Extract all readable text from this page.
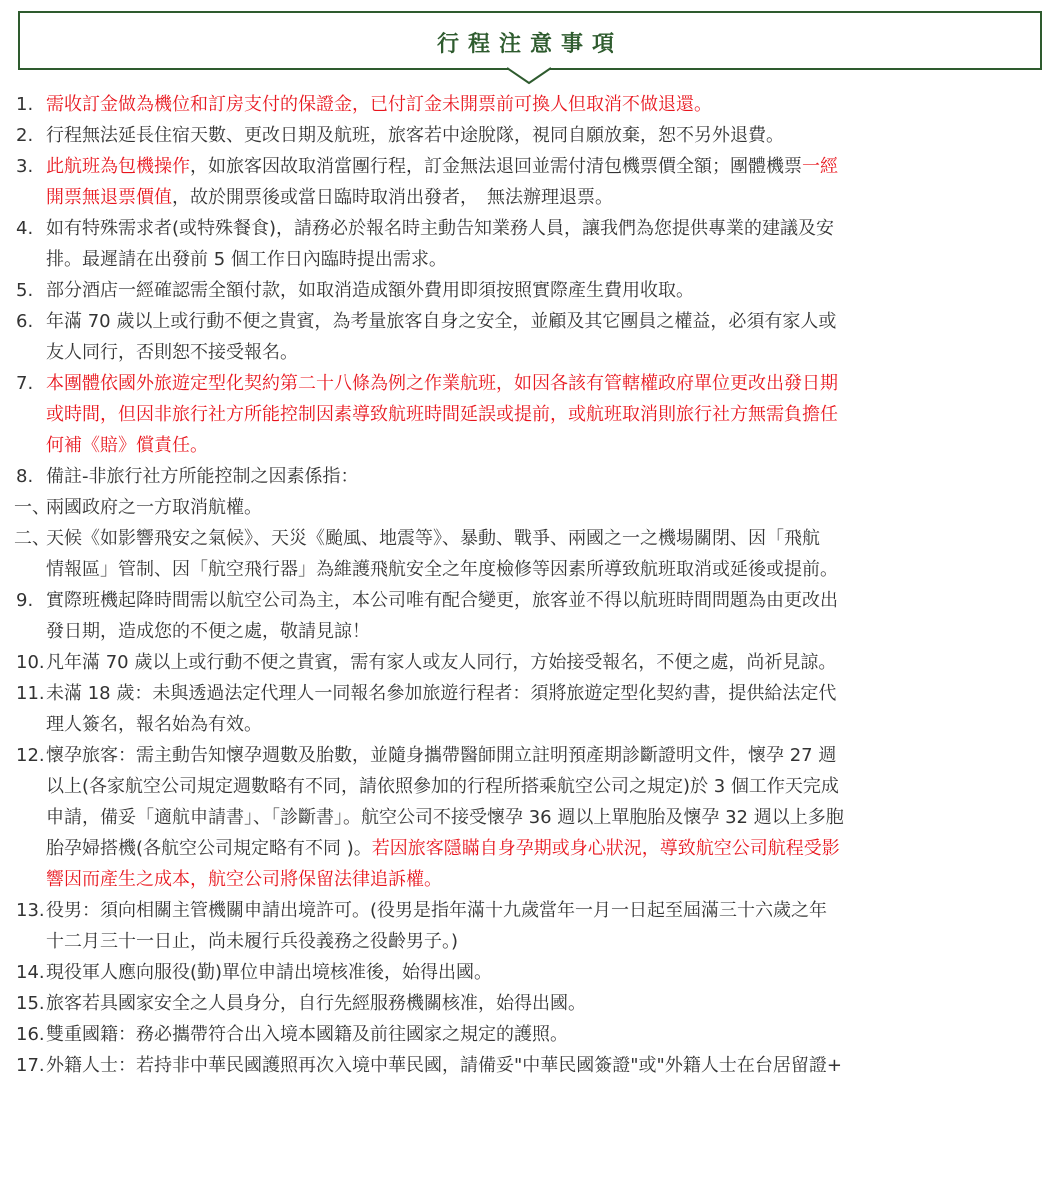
行程注意事項
1. 需收訂金做為機位和訂房支付的保證金，已付訂金未開票前可換人但取消不做退還。
2. 行程無法延長住宿天數、更改日期及航班，旅客若中途脫隊，視同自願放棄，恕不另外退費。
3. 此航班為包機操作，如旅客因故取消當團行程，訂金無法退回並需付清包機票價全額；團體機票一經
開票無退票價值，故於開票後或當日臨時取消出發者，　無法辦理退票。
4. 如有特殊需求者(或特殊餐食)，請務必於報名時主動告知業務人員，讓我們為您提供專業的建議及安
排。最遲請在出發前 5 個工作日內臨時提出需求。
5. 部分酒店一經確認需全額付款，如取消造成額外費用即須按照實際產生費用收取。
6. 年滿 70 歲以上或行動不便之貴賓，為考量旅客自身之安全，並顧及其它團員之權益，必須有家人或
友人同行，否則恕不接受報名。
7. 本團體依國外旅遊定型化契約第二十八條為例之作業航班，如因各該有管轄權政府單位更改出發日期
或時間，但因非旅行社方所能控制因素導致航班時間延誤或提前，或航班取消則旅行社方無需負擔任
何補《賠》償責任。
8. 備註-非旅行社方所能控制之因素係指：
一、
兩國政府之一方取消航權。
二、
天候《如影響飛安之氣候》、天災《颱風、地震等》、暴動、戰爭、兩國之一之機場關閉、因「飛航
情報區」管制、因「航空飛行器」為維護飛航安全之年度檢修等因素所導致航班取消或延後或提前。
9. 實際班機起降時間需以航空公司為主，本公司唯有配合變更，旅客並不得以航班時間問題為由更改出
發日期，造成您的不便之處，敬請見諒！
10. 凡年滿 70 歲以上或行動不便之貴賓，需有家人或友人同行，方始接受報名，不便之處，尚祈見諒。
11. 未滿 18 歲：未與透過法定代理人一同報名參加旅遊行程者：須將旅遊定型化契約書，提供給法定代
理人簽名，報名始為有效。
12. 懷孕旅客：需主動告知懷孕週數及胎數，並隨身攜帶醫師開立註明預產期診斷證明文件，懷孕 27 週
以上(各家航空公司規定週數略有不同，請依照參加的行程所搭乘航空公司之規定)於 3 個工作天完成
申請，備妥「適航申請書」、「診斷書」。航空公司不接受懷孕 36 週以上單胞胎及懷孕 32 週以上多胞
胎孕婦搭機(各航空公司規定略有不同 )。若因旅客隱瞞自身孕期或身心狀況，導致航空公司航程受影
響因而產生之成本，航空公司將保留法律追訴權。
13. 役男：須向相關主管機關申請出境許可。(役男是指年滿十九歲當年一月一日起至屆滿三十六歲之年
十二月三十一日止，尚未履行兵役義務之役齡男子。)
14. 現役軍人應向服役(勤)單位申請出境核准後，始得出國。
15. 旅客若具國家安全之人員身分，自行先經服務機關核准，始得出國。
16. 雙重國籍：務必攜帶符合出入境本國籍及前往國家之規定的護照。
17. 外籍人士：若持非中華民國護照再次入境中華民國，請備妥"中華民國簽證"或"外籍人士在台居留證+
